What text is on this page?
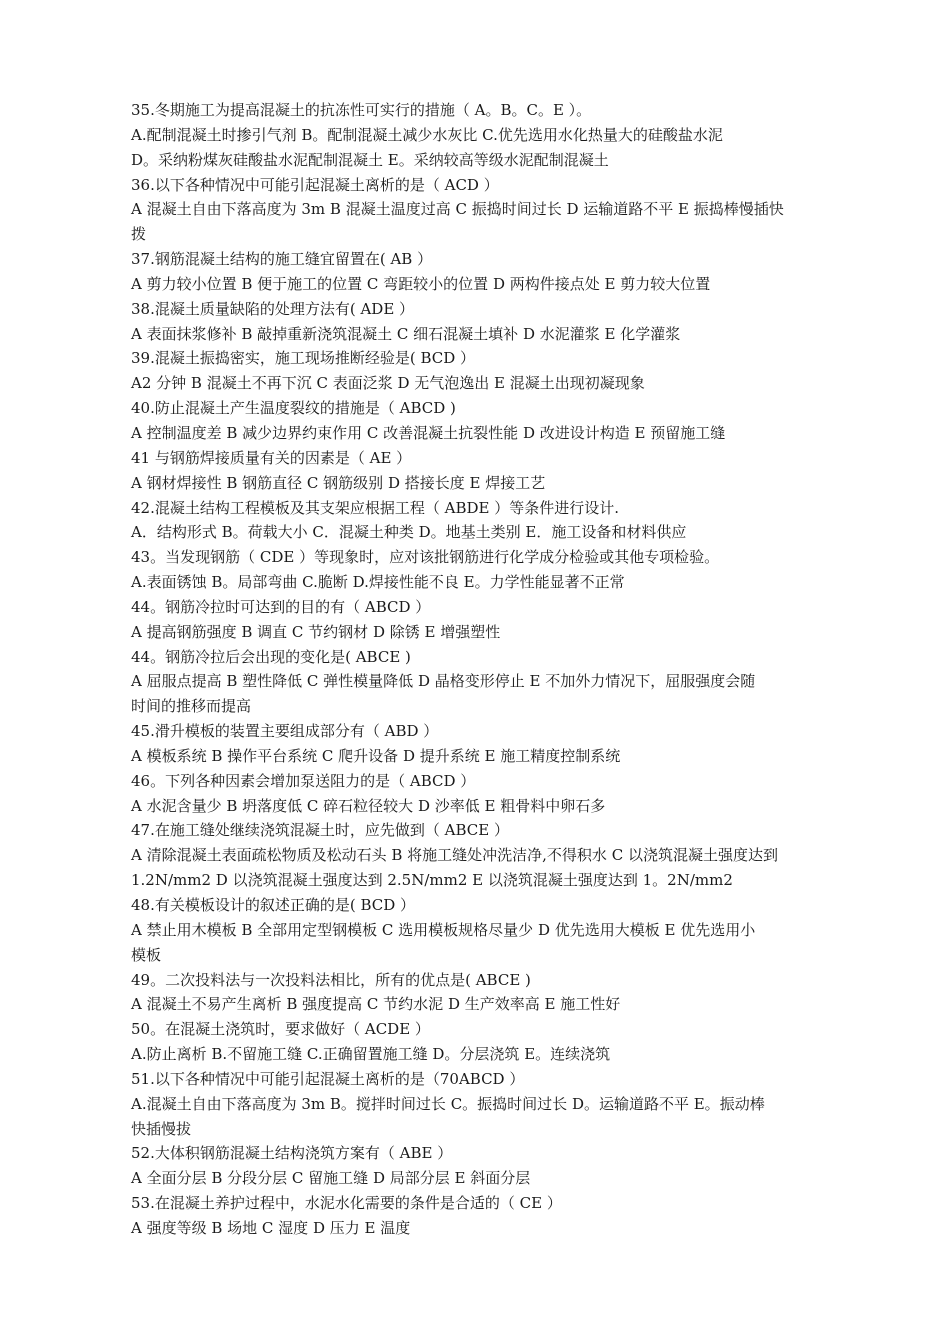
35.冬期施工为提高混凝土的抗冻性可实行的措施（ A。B。C。E ）。
A.配制混凝土时掺引气剂 B。配制混凝土减少水灰比 C.优先选用水化热量大的硅酸盐水泥
D。采纳粉煤灰硅酸盐水泥配制混凝土 E。采纳较高等级水泥配制混凝土
36.以下各种情况中可能引起混凝土离析的是（ ACD ）
A 混凝土自由下落高度为 3m B 混凝土温度过高 C 振捣时间过长 D 运输道路不平 E 振捣棒慢插快
拨
37.钢筋混凝土结构的施工缝宜留置在( AB ）
A 剪力较小位置 B 便于施工的位置 C 弯距较小的位置 D 两构件接点处 E 剪力较大位置
38.混凝土质量缺陷的处理方法有( ADE ）
A 表面抹浆修补 B 敲掉重新浇筑混凝土 C 细石混凝土填补 D 水泥灌浆 E 化学灌浆
39.混凝土振捣密实，施工现场推断经验是( BCD ）
A2 分钟 B 混凝土不再下沉 C 表面泛浆 D 无气泡逸出 E 混凝土出现初凝现象
40.防止混凝土产生温度裂纹的措施是（ ABCD )
A 控制温度差 B 减少边界约束作用 C 改善混凝土抗裂性能 D 改进设计构造 E 预留施工缝
41 与钢筋焊接质量有关的因素是（ AE ）
A 钢材焊接性 B 钢筋直径 C 钢筋级别 D 搭接长度 E 焊接工艺
42.混凝土结构工程模板及其支架应根据工程（ ABDE ）等条件进行设计.
A．结构形式 B。荷载大小 C．混凝土种类 D。地基土类别 E．施工设备和材料供应
43。当发现钢筋（ CDE ）等现象时，应对该批钢筋进行化学成分检验或其他专项检验。
A.表面锈蚀 B。局部弯曲 C.脆断 D.焊接性能不良 E。力学性能显著不正常
44。钢筋冷拉时可达到的目的有（ ABCD ）
A 提高钢筋强度 B 调直 C 节约钢材 D 除锈 E 增强塑性
44。钢筋冷拉后会出现的变化是( ABCE )
A 屈服点提高 B 塑性降低 C 弹性模量降低 D 晶格变形停止 E 不加外力情况下，屈服强度会随
时间的推移而提高
45.滑升模板的装置主要组成部分有（ ABD ）
A 模板系统 B 操作平台系统 C 爬升设备 D 提升系统 E 施工精度控制系统
46。下列各种因素会增加泵送阻力的是（ ABCD ）
A 水泥含量少 B 坍落度低 C 碎石粒径较大 D 沙率低 E 粗骨料中卵石多
47.在施工缝处继续浇筑混凝土时，应先做到（ ABCE ）
A 清除混凝土表面疏松物质及松动石头 B 将施工缝处冲洗洁净,不得积水 C 以浇筑混凝土强度达到
1.2N/mm2 D 以浇筑混凝土强度达到 2.5N/mm2 E 以浇筑混凝土强度达到 1。2N/mm2
48.有关模板设计的叙述正确的是( BCD ）
A 禁止用木模板 B 全部用定型钢模板 C 选用模板规格尽量少 D 优先选用大模板 E 优先选用小
模板
49。二次投料法与一次投料法相比，所有的优点是( ABCE )
A 混凝土不易产生离析 B 强度提高 C 节约水泥 D 生产效率高 E 施工性好
50。在混凝土浇筑时，要求做好（ ACDE ）
A.防止离析 B.不留施工缝 C.正确留置施工缝 D。分层浇筑 E。连续浇筑
51.以下各种情况中可能引起混凝土离析的是（70ABCD ）
A.混凝土自由下落高度为 3m B。搅拌时间过长 C。振捣时间过长 D。运输道路不平 E。振动棒
快插慢拔
52.大体积钢筋混凝土结构浇筑方案有（ ABE ）
A 全面分层 B 分段分层 C 留施工缝 D 局部分层 E 斜面分层
53.在混凝土养护过程中，水泥水化需要的条件是合适的（ CE ）
A 强度等级 B 场地 C 湿度 D 压力 E 温度
